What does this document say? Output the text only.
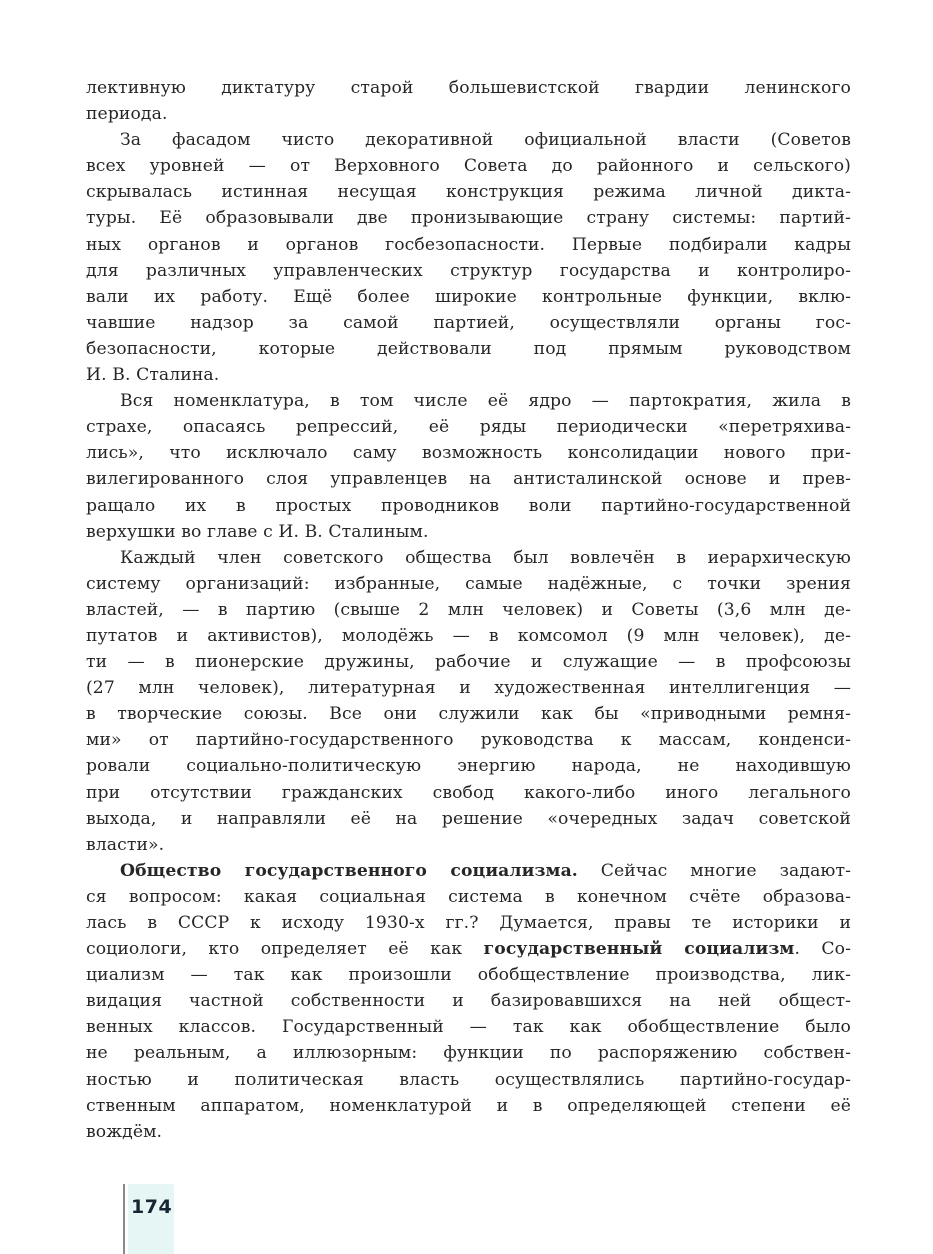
лективную диктатуру старой большевистской гвардии ленинского
периода.
За фасадом чисто декоративной официальной власти (Советов
всех уровней — от Верховного Совета до районного и сельского)
скрывалась истинная несущая конструкция режима личной дикта-
туры. Её образовывали две пронизывающие страну системы: партий-
ных органов и органов госбезопасности. Первые подбирали кадры
для различных управленческих структур государства и контролиро-
вали их работу. Ещё более широкие контрольные функции, вклю-
чавшие надзор за самой партией, осуществляли органы гос-
безопасности, которые действовали под прямым руководством
И. В. Сталина.
Вся номенклатура, в том числе её ядро — партократия, жила в
страхе, опасаясь репрессий, её ряды периодически «перетряхива-
лись», что исключало саму возможность консолидации нового при-
вилегированного слоя управленцев на антисталинской основе и прев-
ращало их в простых проводников воли партийно-государственной
верхушки во главе с И. В. Сталиным.
Каждый член советского общества был вовлечён в иерархическую
систему организаций: избранные, самые надёжные, с точки зрения
властей, — в партию (свыше 2 млн человек) и Советы (3,6 млн де-
путатов и активистов), молодёжь — в комсомол (9 млн человек), де-
ти — в пионерские дружины, рабочие и служащие — в профсоюзы
(27 млн человек), литературная и художественная интеллигенция —
в творческие союзы. Все они служили как бы «приводными ремня-
ми» от партийно-государственного руководства к массам, конденси-
ровали социально-политическую энергию народа, не находившую
при отсутствии гражданских свобод какого-либо иного легального
выхода, и направляли её на решение «очередных задач советской
власти».
Общество государственного социализма. Сейчас многие задают-
ся вопросом: какая социальная система в конечном счёте образова-
лась в СССР к исходу 1930-х гг.? Думается, правы те историки и
социологи, кто определяет её как государственный социализм. Со-
циализм — так как произошли обобществление производства, лик-
видация частной собственности и базировавшихся на ней общест-
венных классов. Государственный — так как обобществление было
не реальным, а иллюзорным: функции по распоряжению собствен-
ностью и политическая власть осуществлялись партийно-государ-
ственным аппаратом, номенклатурой и в определяющей степени её
вождём.
174
